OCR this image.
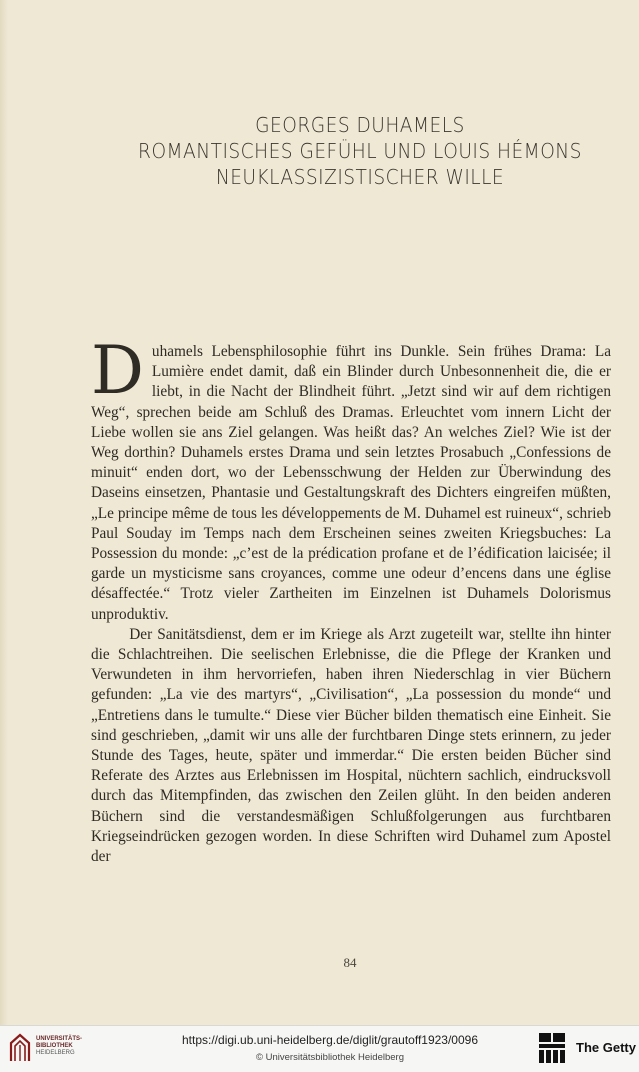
GEORGES DUHAMELS
ROMANTISCHES GEFÜHL UND LOUIS HÉMONS
NEUKLASSIZISTISCHER WILLE

Duhamels Lebensphilosophie führt ins Dunkle. Sein frühes Drama: La Lumière endet damit, daß ein Blinder durch Unbesonnenheit die, die er liebt, in die Nacht der Blindheit führt. „Jetzt sind wir auf dem richtigen Weg“, sprechen beide am Schluß des Dramas. Erleuchtet vom innern Licht der Liebe wollen sie ans Ziel gelangen. Was heißt das? An welches Ziel? Wie ist der Weg dorthin? Duhamels erstes Drama und sein letztes Prosabuch „Confessions de minuit“ enden dort, wo der Lebensschwung der Helden zur Überwindung des Daseins einsetzen, Phantasie und Gestaltungskraft des Dichters eingreifen müßten, „Le principe même de tous les développements de M. Duhamel est ruineux“, schrieb Paul Souday im Temps nach dem Erscheinen seines zweiten Kriegsbuches: La Possession du monde: „c’est de la prédication profane et de l’édification laicisée; il garde un mysticisme sans croyances, comme une odeur d’encens dans une église désaffectée.“ Trotz vieler Zartheiten im Einzelnen ist Duhamels Dolorismus unproduktiv.

Der Sanitätsdienst, dem er im Kriege als Arzt zugeteilt war, stellte ihn hinter die Schlachtreihen. Die seelischen Erlebnisse, die die Pflege der Kranken und Verwundeten in ihm hervorriefen, haben ihren Niederschlag in vier Büchern gefunden: „La vie des martyrs“, „Civilisation“, „La possession du monde“ und „Entretiens dans le tumulte.“ Diese vier Bücher bilden thematisch eine Einheit. Sie sind geschrieben, „damit wir uns alle der furchtbaren Dinge stets erinnern, zu jeder Stunde des Tages, heute, später und immerdar.“ Die ersten beiden Bücher sind Referate des Arztes aus Erlebnissen im Hospital, nüchtern sachlich, eindrucksvoll durch das Mitempfinden, das zwischen den Zeilen glüht. In den beiden anderen Büchern sind die verstandesmäßigen Schlußfolgerungen aus furchtbaren Kriegseindrücken gezogen worden. In diese Schriften wird Duhamel zum Apostel der

84
UNIVERSITÄTS-
BIBLIOTHEK
HEIDELBERG
https://digi.ub.uni-heidelberg.de/diglit/grautoff1923/0096
© Universitätsbibliothek Heidelberg
The Getty
